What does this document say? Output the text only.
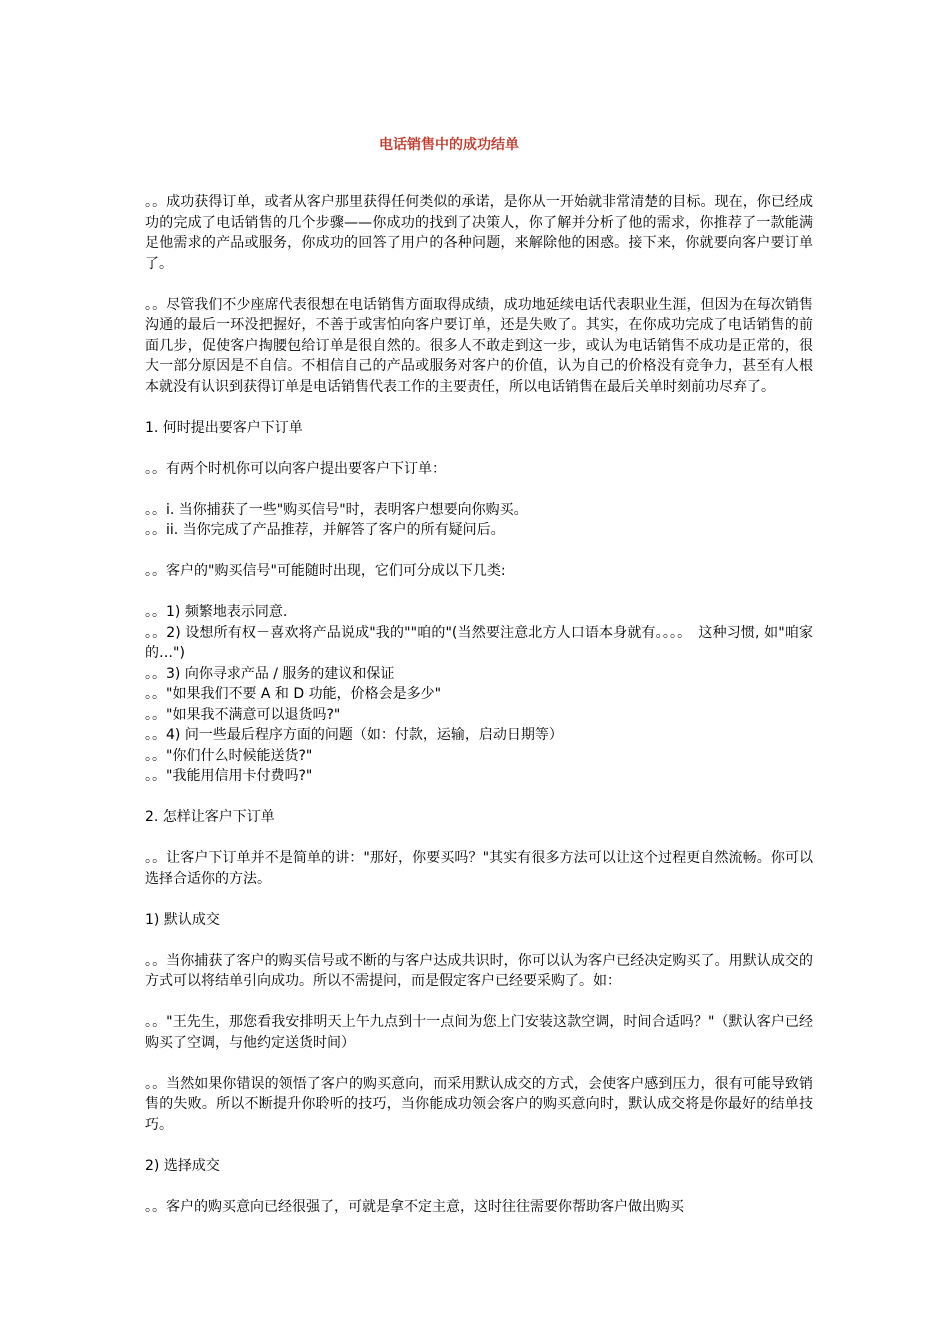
电话销售中的成功结单

。。成功获得订单，或者从客户那里获得任何类似的承诺，是你从一开始就非常清楚的目标。现在，你已经成功的完成了电话销售的几个步骤——你成功的找到了决策人，你了解并分析了他的需求，你推荐了一款能满足他需求的产品或服务，你成功的回答了用户的各种问题，来解除他的困惑。接下来，你就要向客户要订单了。

。。尽管我们不少座席代表很想在电话销售方面取得成绩，成功地延续电话代表职业生涯，但因为在每次销售沟通的最后一环没把握好，不善于或害怕向客户要订单，还是失败了。其实，在你成功完成了电话销售的前面几步，促使客户掏腰包给订单是很自然的。很多人不敢走到这一步，或认为电话销售不成功是正常的，很大一部分原因是不自信。不相信自己的产品或服务对客户的价值，认为自己的价格没有竞争力，甚至有人根本就没有认识到获得订单是电话销售代表工作的主要责任，所以电话销售在最后关单时刻前功尽弃了。

1. 何时提出要客户下订单

。。有两个时机你可以向客户提出要客户下订单：

。。i. 当你捕获了一些"购买信号"时，表明客户想要向你购买。
。。ii. 当你完成了产品推荐，并解答了客户的所有疑问后。

。。客户的"购买信号"可能随时出现，它们可分成以下几类:

。。1) 频繁地表示同意.
。。2) 设想所有权－喜欢将产品说成"我的""咱的"(当然要注意北方人口语本身就有。。。。　这种习惯, 如"咱家的…")
。。3) 向你寻求产品 / 服务的建议和保证
。。"如果我们不要 A 和 D 功能，价格会是多少"
。。"如果我不满意可以退货吗?"
。。4) 问一些最后程序方面的问题（如：付款，运输，启动日期等）
。。"你们什么时候能送货?"
。。"我能用信用卡付费吗?"

2. 怎样让客户下订单

。。让客户下订单并不是简单的讲："那好，你要买吗？"其实有很多方法可以让这个过程更自然流畅。你可以选择合适你的方法。

1) 默认成交

。。当你捕获了客户的购买信号或不断的与客户达成共识时，你可以认为客户已经决定购买了。用默认成交的方式可以将结单引向成功。所以不需提问，而是假定客户已经要采购了。如：

。。"王先生，那您看我安排明天上午九点到十一点间为您上门安装这款空调，时间合适吗？"（默认客户已经购买了空调，与他约定送货时间）

。。当然如果你错误的领悟了客户的购买意向，而采用默认成交的方式，会使客户感到压力，很有可能导致销售的失败。所以不断提升你聆听的技巧，当你能成功领会客户的购买意向时，默认成交将是你最好的结单技巧。

2) 选择成交

。。客户的购买意向已经很强了，可就是拿不定主意，这时往往需要你帮助客户做出购买
